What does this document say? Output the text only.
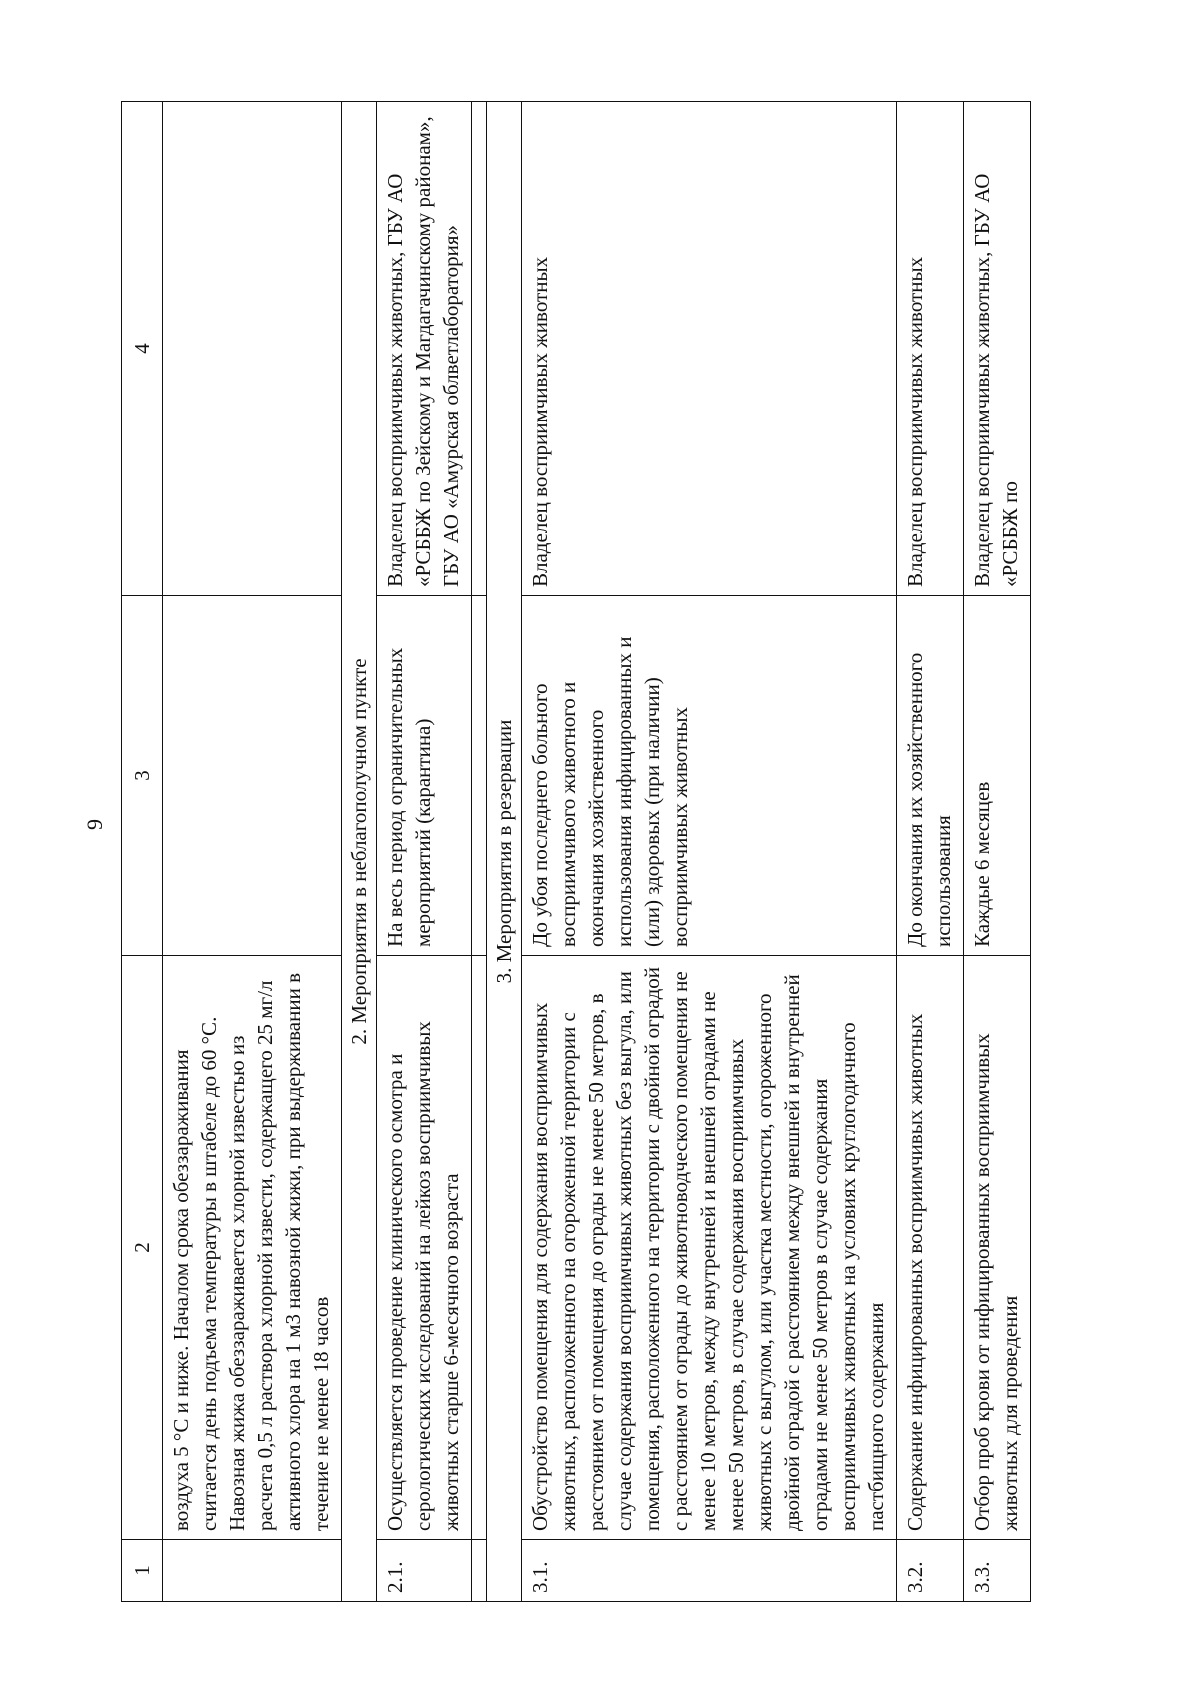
9
1	2	3	4
	воздуха 5 °С и ниже. Началом срока обеззараживания считается день подъема температуры в штабеле до 60 °С. Навозная жижа обеззараживается хлорной известью из расчета 0,5 л раствора хлорной извести, содержащего 25 мг/л активного хлора на 1 м3 навозной жижи, при выдерживании в течение не менее 18 часов		
2. Мероприятия в неблагополучном пункте			
2.1.	Осуществляется проведение клинического осмотра и серологических исследований на лейкоз восприимчивых животных старше 6-месячного возраста	На весь период ограничительных мероприятий (карантина)	Владелец восприимчивых животных, ГБУ АО «РСББЖ по Зейскому и Магдагачинскому районам», ГБУ АО «Амурская облветлаборатория»

3. Мероприятия в резервации			
3.1.	Обустройство помещения для содержания восприимчивых животных, расположенного на огороженной территории с расстоянием от помещения до ограды не менее 50 метров, в случае содержания восприимчивых животных без выгула, или помещения, расположенного на территории с двойной оградой с расстоянием от ограды до животноводческого помещения не менее 10 метров, между внутренней и внешней оградами не менее 50 метров, в случае содержания восприимчивых животных с выгулом, или участка местности, огороженного двойной оградой с расстоянием между внешней и внутренней оградами не менее 50 метров в случае содержания восприимчивых животных на условиях круглогодичного пастбищного содержания	До убоя последнего больного восприимчивого животного и окончания хозяйственного использования инфицированных и (или) здоровых (при наличии) восприимчивых животных	Владелец восприимчивых животных
3.2.	Содержание инфицированных восприимчивых животных	До окончания их хозяйственного использования	Владелец восприимчивых животных
3.3.	Отбор проб крови от инфицированных восприимчивых животных для проведения	Каждые 6 месяцев	Владелец восприимчивых животных, ГБУ АО «РСББЖ по
